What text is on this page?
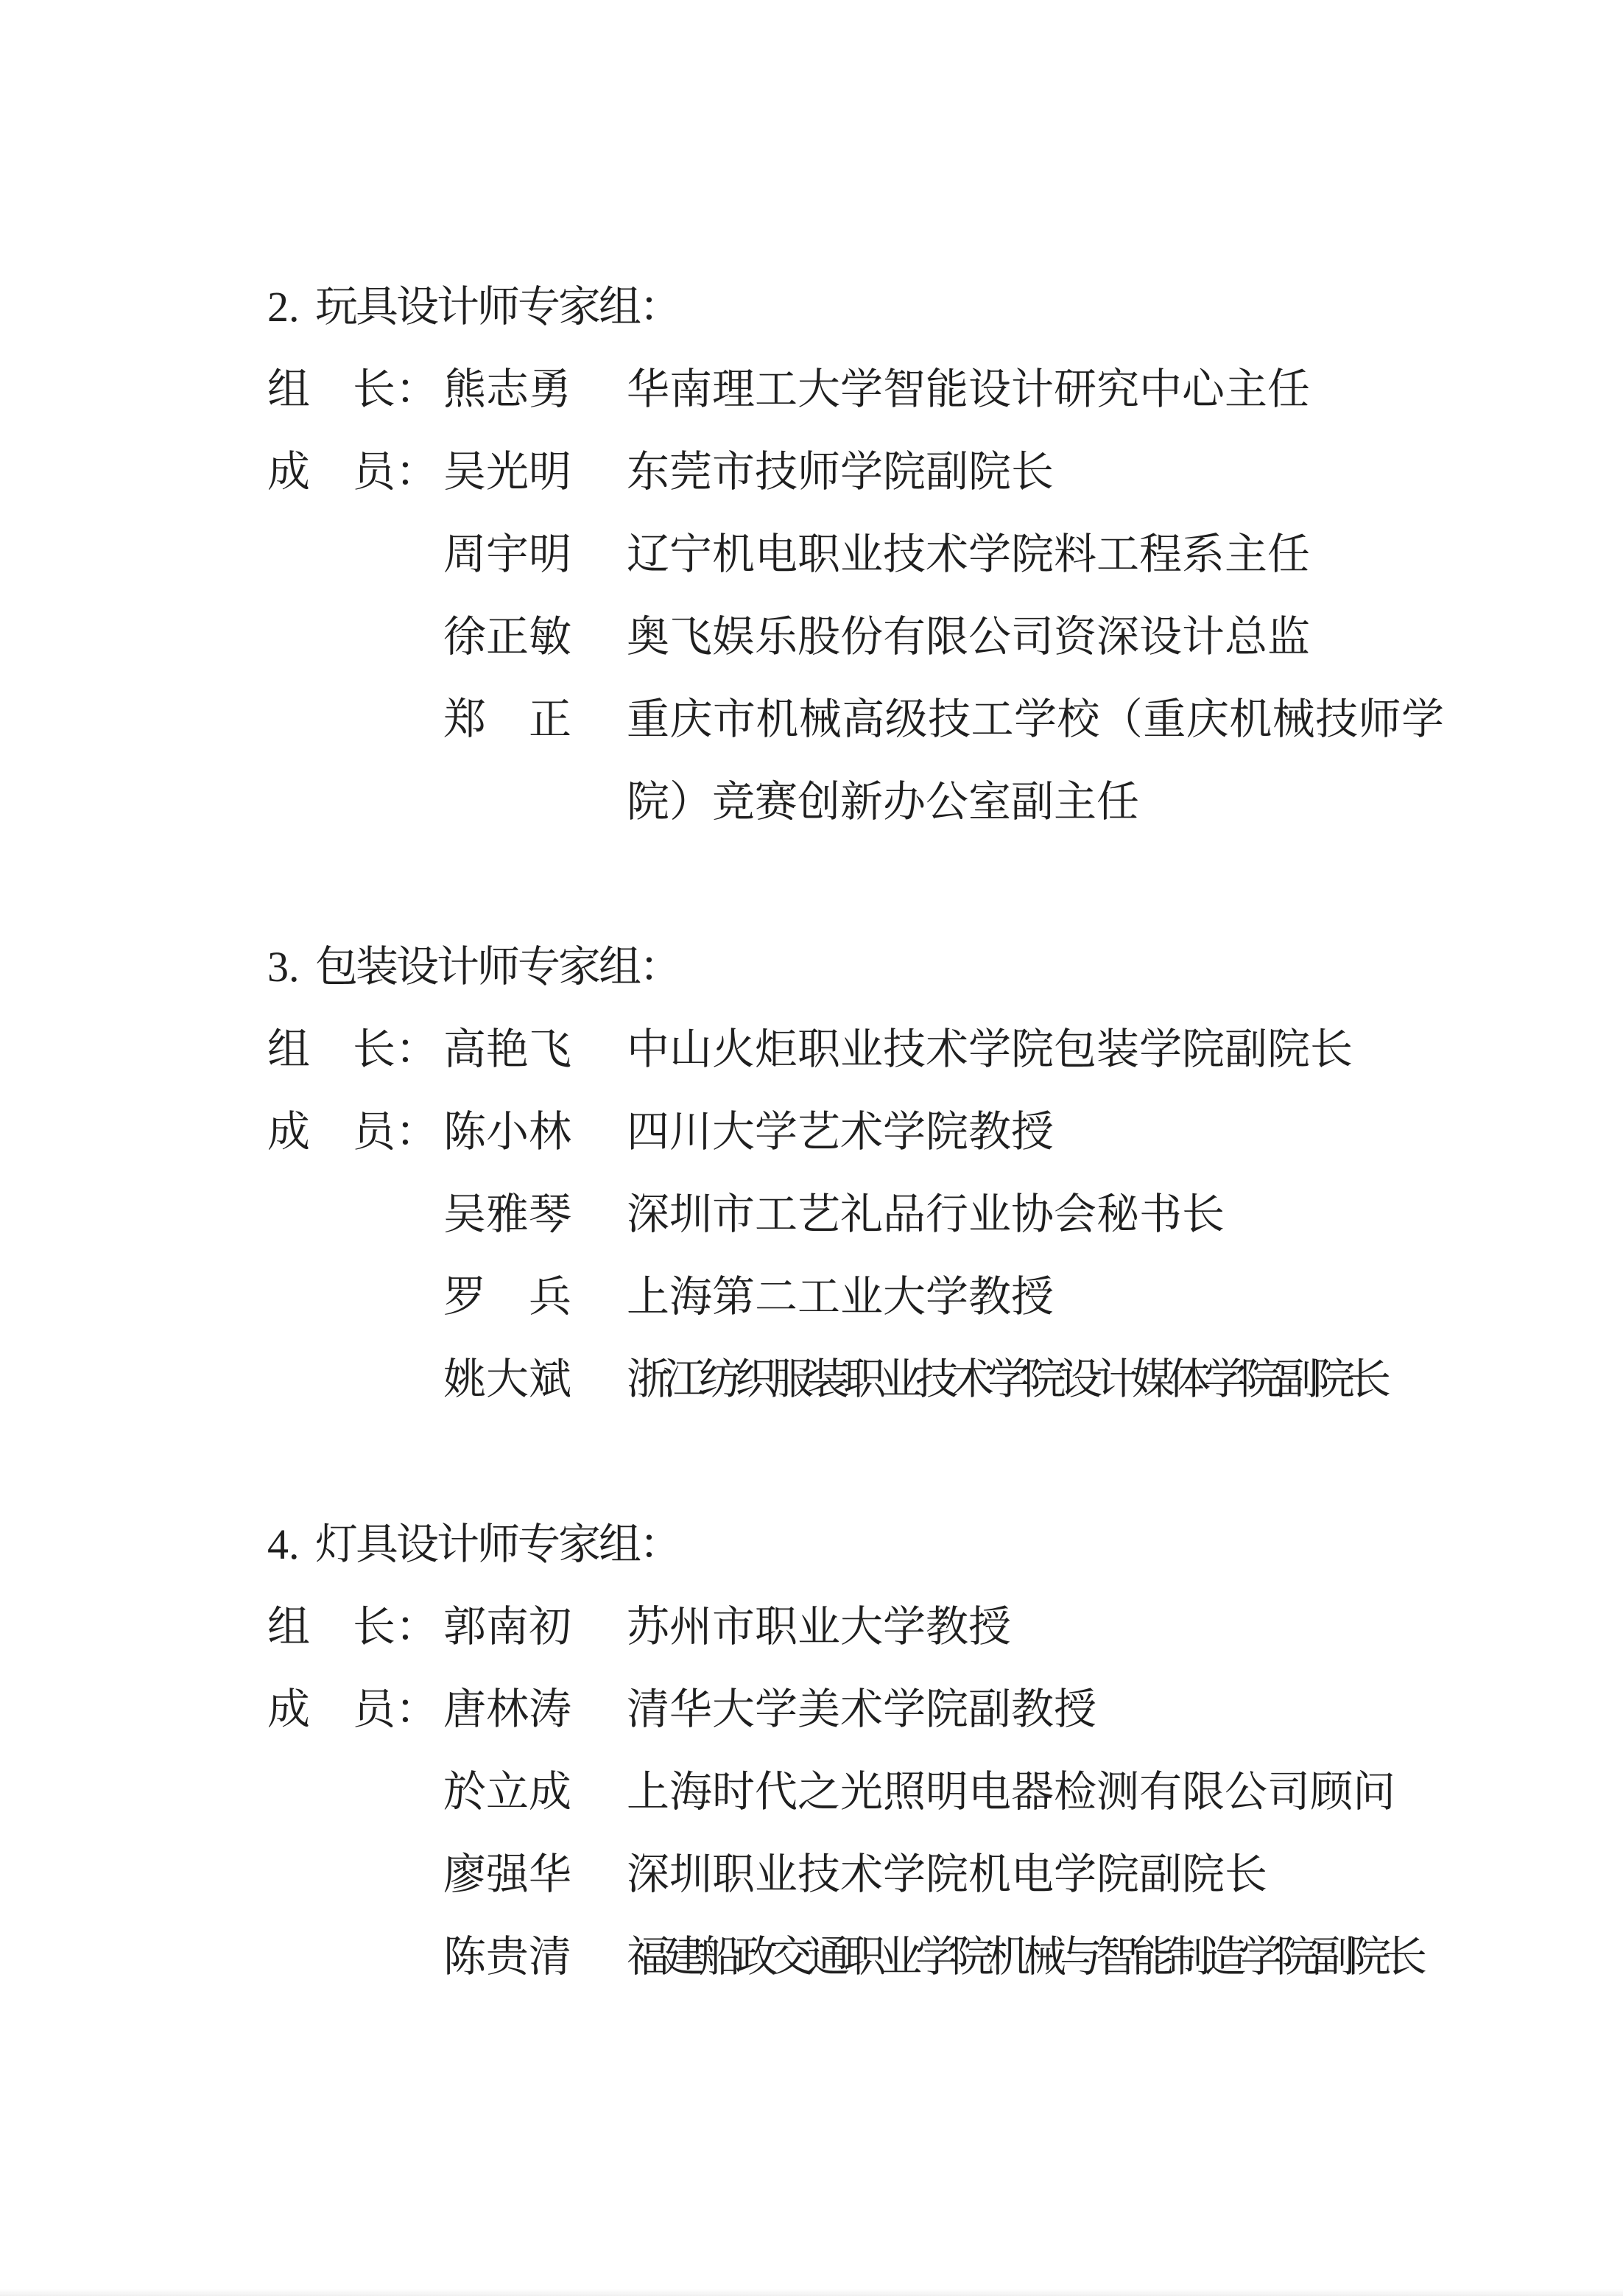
2. 玩具设计师专家组：
组　长： 熊志勇 华南理工大学智能设计研究中心主任
成　员： 吴光明 东莞市技师学院副院长
周宇明 辽宁机电职业技术学院料工程系主任
徐正敏 奥飞娱乐股份有限公司资深设计总监
郑正 重庆市机械高级技工学校（重庆机械技师学院）竞赛创新办公室副主任
3. 包装设计师专家组：
组　长： 高艳飞 中山火炬职业技术学院包装学院副院长
成　员： 陈小林 四川大学艺术学院教授
吴雅琴 深圳市工艺礼品行业协会秘书长
罗兵 上海第二工业大学教授
姚大斌 浙江纺织服装职业技术学院设计媒体学院副院长
4. 灯具设计师专家组：
组　长： 郭南初 苏州市职业大学教授
成　员： 唐林涛 清华大学美术学院副教授
於立成 上海时代之光照明电器检测有限公司顾问
廖强华 深圳职业技术学院机电学院副院长
陈贵清 福建船政交通职业学院机械与智能制造学院副院长
